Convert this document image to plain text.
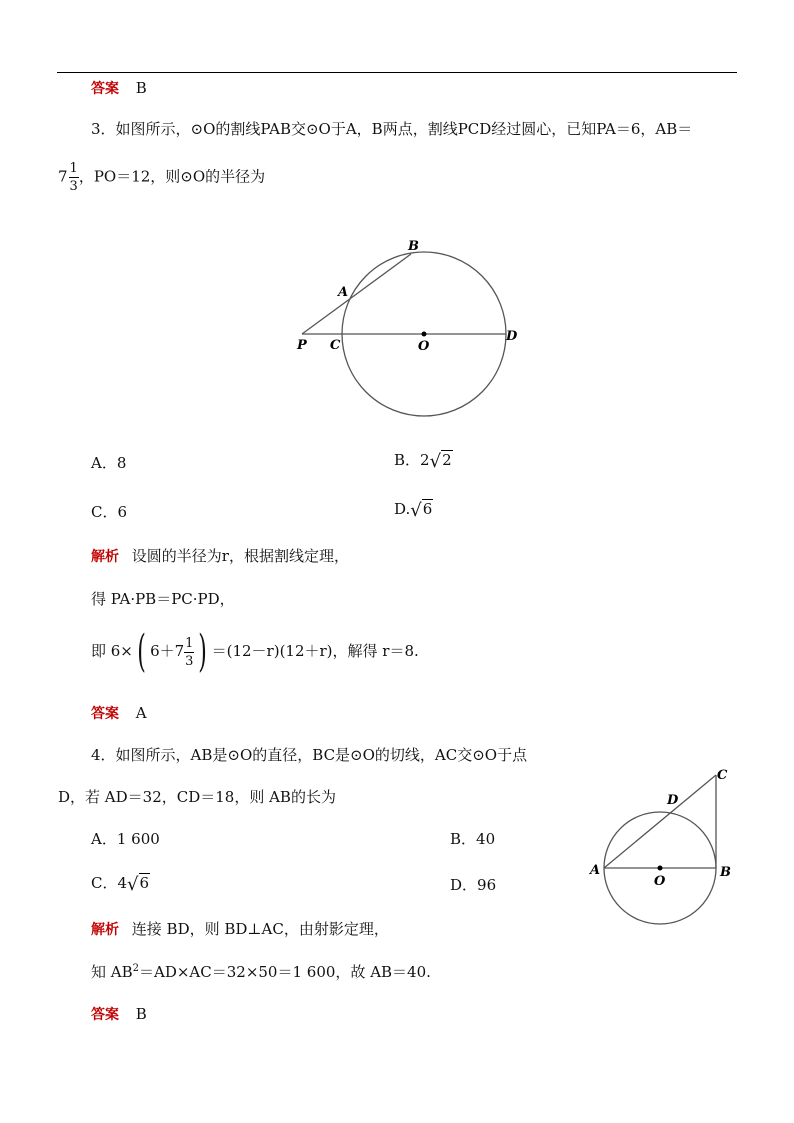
答案 B
3．如图所示，⊙O的割线PAB交⊙O于A，B两点，割线PCD经过圆心，已知PA＝6，AB＝
$7 \frac{1}{3}$ ，PO＝12，则⊙O的半径为
P C	O
D
A
B
A．8	B．2√2
C．6	D.√6
解析 设圆的半径为r，根据割线定理，
得 PA·PB＝PC·PD，
即 6×( $6+7 \frac{1}{3}$ ) ＝(12－r)(12＋r)，解得 r＝8.
答案 A
4．如图所示，AB是⊙O的直径，BC是⊙O的切线，AC交⊙O于点
D，若 AD＝32，CD＝18，则 AB的长为
A．1 600	B．40
C．4√6	D．96
A	B
C
D
O
解析 连接 BD，则 BD⊥AC，由射影定理，
知 $AB^2=AD\times AC=32\times 50=1$ 600，故 AB＝40.
答案 B
